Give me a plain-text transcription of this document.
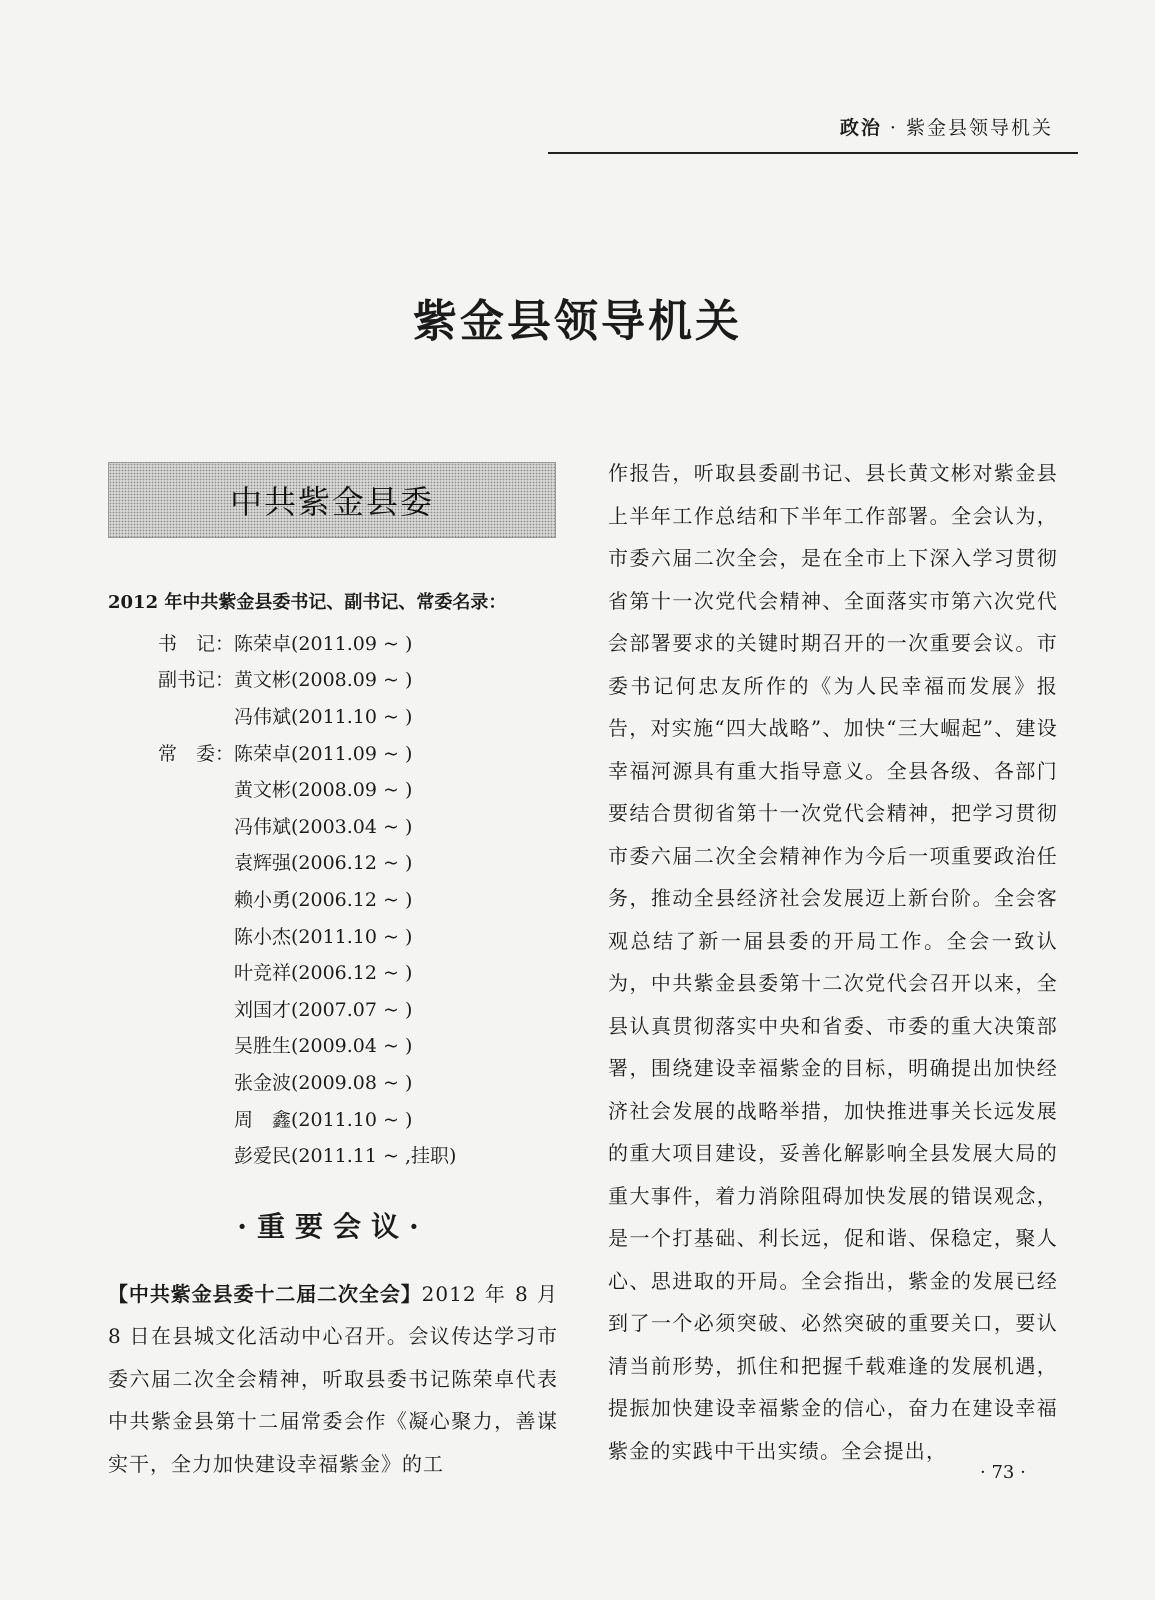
政治 · 紫金县领导机关
紫金县领导机关
中共紫金县委
2012 年中共紫金县委书记、副书记、常委名录：
书　记： 陈荣卓(2011.09 ~ )
副书记： 黄文彬(2008.09 ~ )
冯伟斌(2011.10 ~ )
常　委： 陈荣卓(2011.09 ~ )
黄文彬(2008.09 ~ )
冯伟斌(2003.04 ~ )
袁辉强(2006.12 ~ )
赖小勇(2006.12 ~ )
陈小杰(2011.10 ~ )
叶竞祥(2006.12 ~ )
刘国才(2007.07 ~ )
吴胜生(2009.04 ~ )
张金波(2009.08 ~ )
周　鑫(2011.10 ~ )
彭爱民(2011.11 ~ ,挂职)
·重要会议·
【中共紫金县委十二届二次全会】2012 年 8 月 8 日在县城文化活动中心召开。会议传达学习市委六届二次全会精神，听取县委书记陈荣卓代表中共紫金县第十二届常委会作《凝心聚力，善谋实干，全力加快建设幸福紫金》的工
作报告，听取县委副书记、县长黄文彬对紫金县上半年工作总结和下半年工作部署。全会认为，市委六届二次全会，是在全市上下深入学习贯彻省第十一次党代会精神、全面落实市第六次党代会部署要求的关键时期召开的一次重要会议。市委书记何忠友所作的《为人民幸福而发展》报告，对实施“四大战略”、加快“三大崛起”、建设幸福河源具有重大指导意义。全县各级、各部门要结合贯彻省第十一次党代会精神，把学习贯彻市委六届二次全会精神作为今后一项重要政治任务，推动全县经济社会发展迈上新台阶。全会客观总结了新一届县委的开局工作。全会一致认为，中共紫金县委第十二次党代会召开以来，全县认真贯彻落实中央和省委、市委的重大决策部署，围绕建设幸福紫金的目标，明确提出加快经济社会发展的战略举措，加快推进事关长远发展的重大项目建设，妥善化解影响全县发展大局的重大事件，着力消除阻碍加快发展的错误观念，是一个打基础、利长远，促和谐、保稳定，聚人心、思进取的开局。全会指出，紫金的发展已经到了一个必须突破、必然突破的重要关口，要认清当前形势，抓住和把握千载难逢的发展机遇，提振加快建设幸福紫金的信心，奋力在建设幸福紫金的实践中干出实绩。全会提出，
· 73 ·
